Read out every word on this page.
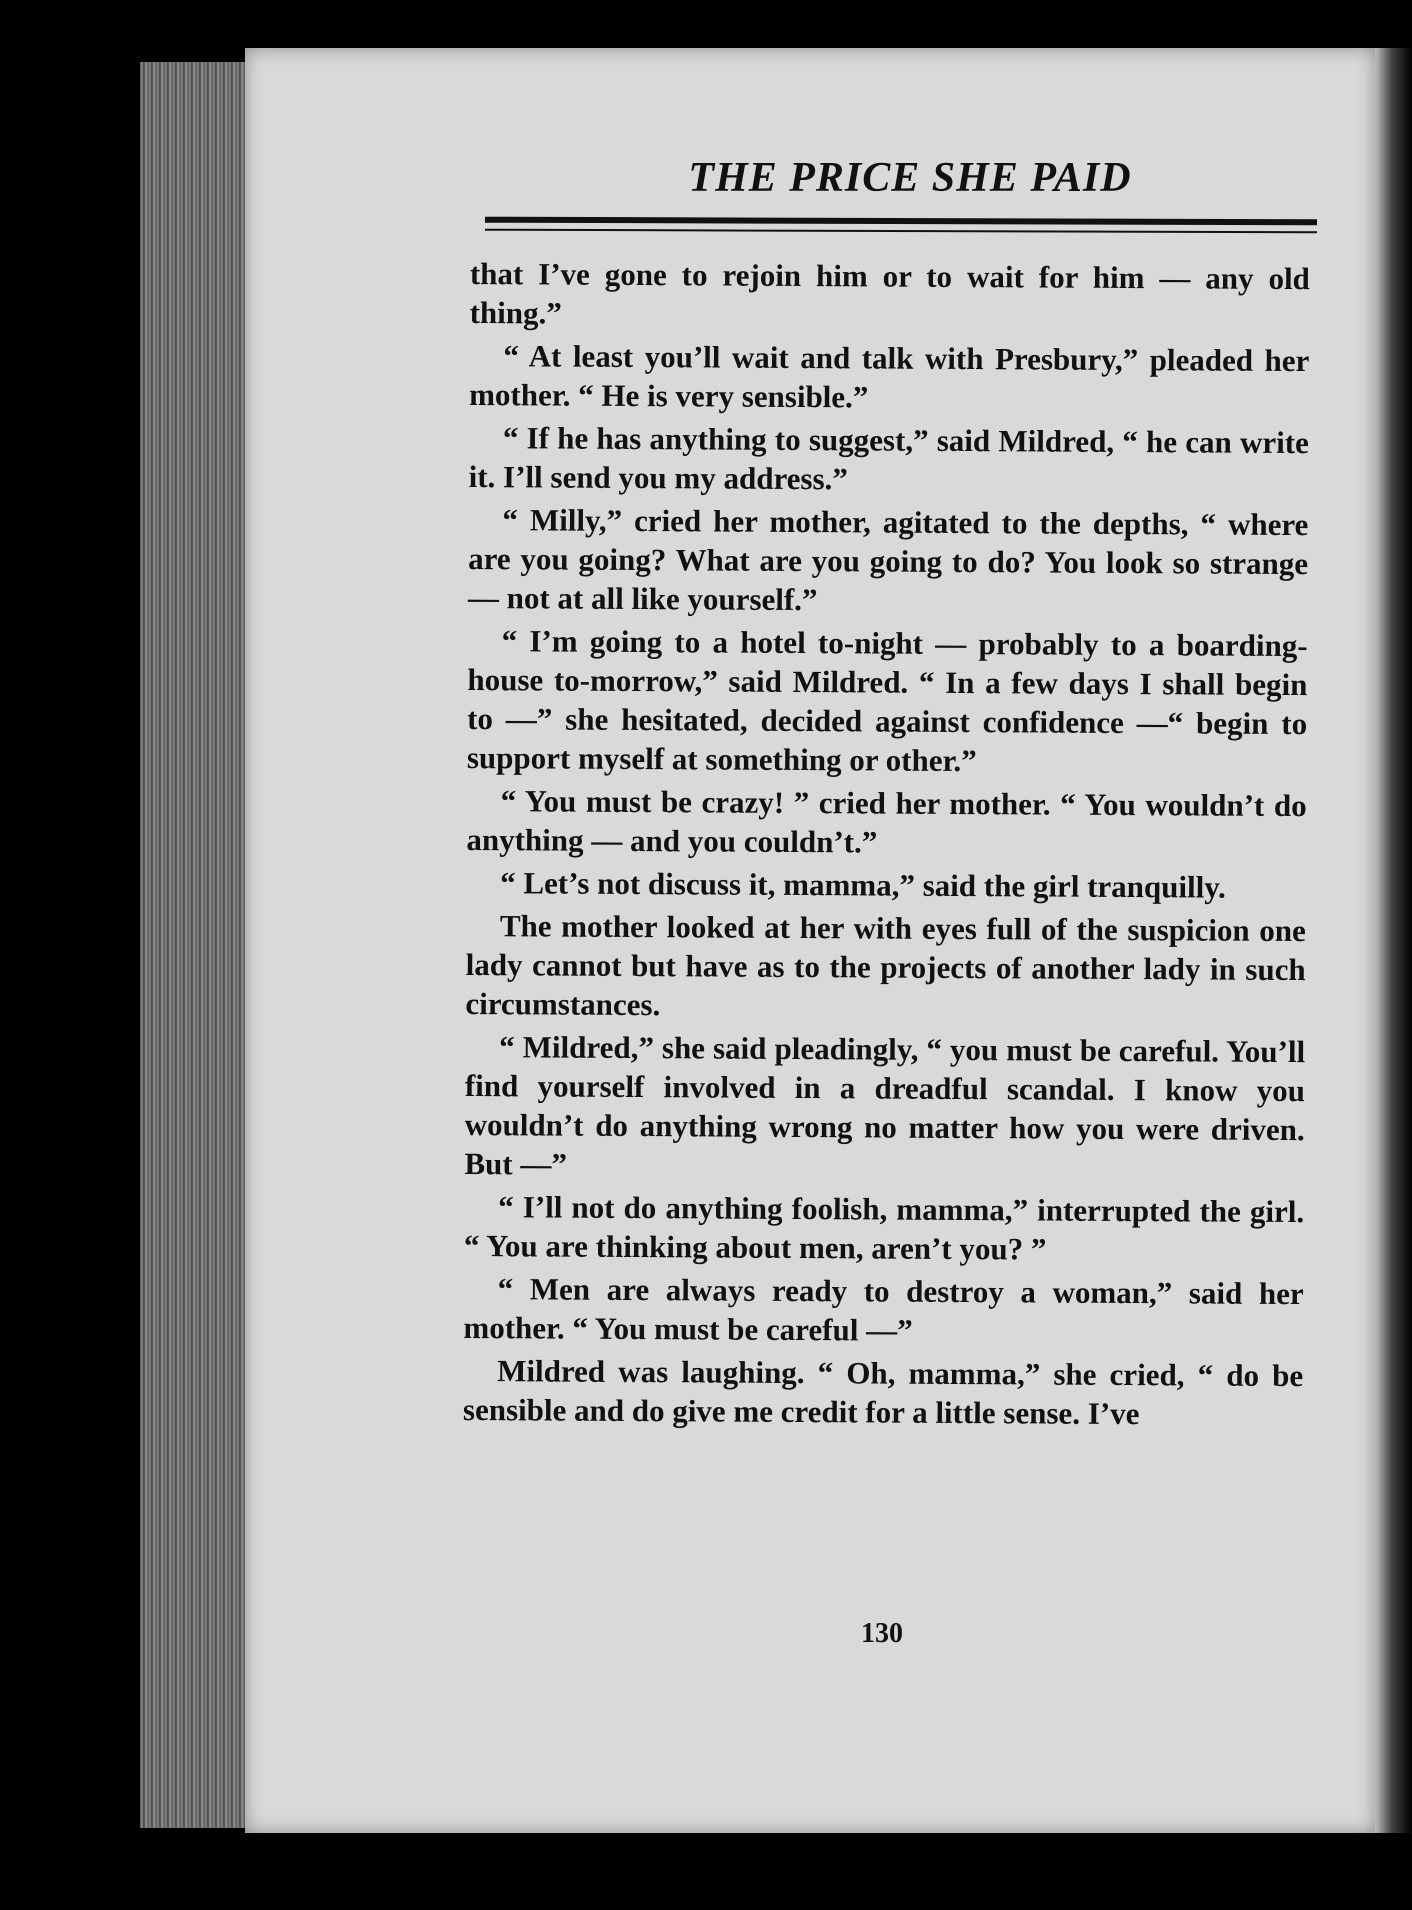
THE PRICE SHE PAID

that I’ve gone to rejoin him or to wait for him — any old thing.”

“ At least you’ll wait and talk with Presbury,” pleaded her mother. “ He is very sensible.”

“ If he has anything to suggest,” said Mildred, “ he can write it. I’ll send you my address.”

“ Milly,” cried her mother, agitated to the depths, “ where are you going? What are you going to do? You look so strange — not at all like yourself.”

“ I’m going to a hotel to-night — probably to a boarding-house to-morrow,” said Mildred. “ In a few days I shall begin to —” she hesitated, decided against confidence —“ begin to support myself at something or other.”

“ You must be crazy! ” cried her mother. “ You wouldn’t do anything — and you couldn’t.”

“ Let’s not discuss it, mamma,” said the girl tranquilly.

The mother looked at her with eyes full of the suspicion one lady cannot but have as to the projects of another lady in such circumstances.

“ Mildred,” she said pleadingly, “ you must be careful. You’ll find yourself involved in a dreadful scandal. I know you wouldn’t do anything wrong no matter how you were driven. But —”

“ I’ll not do anything foolish, mamma,” interrupted the girl. “ You are thinking about men, aren’t you? ”

“ Men are always ready to destroy a woman,” said her mother. “ You must be careful —”

Mildred was laughing. “ Oh, mamma,” she cried, “ do be sensible and do give me credit for a little sense. I’ve

130
